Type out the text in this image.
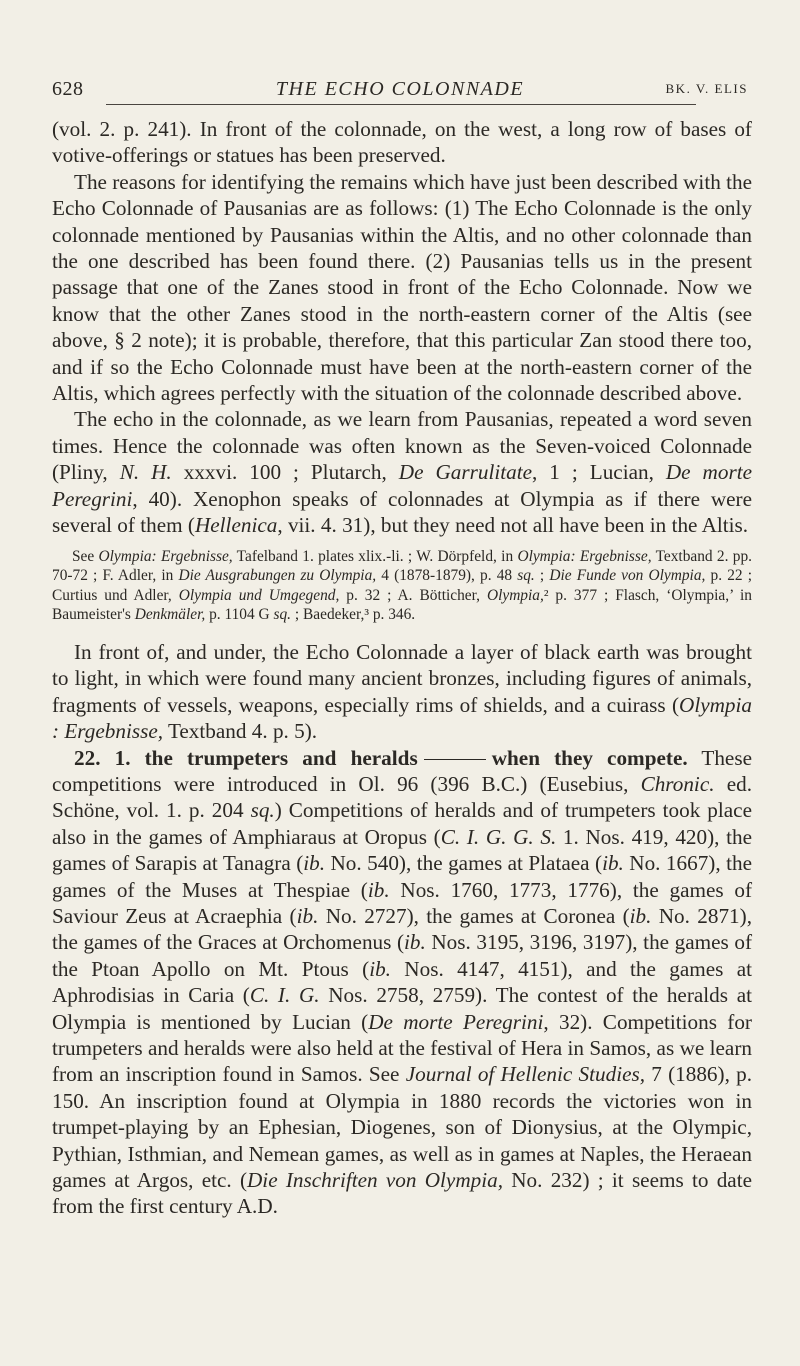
628	THE ECHO COLONNADE	BK. V. ELIS

(vol. 2. p. 241). In front of the colonnade, on the west, a long row of bases of votive-offerings or statues has been preserved.

The reasons for identifying the remains which have just been described with the Echo Colonnade of Pausanias are as follows: (1) The Echo Colonnade is the only colonnade mentioned by Pausanias within the Altis, and no other colonnade than the one described has been found there. (2) Pausanias tells us in the present passage that one of the Zanes stood in front of the Echo Colonnade. Now we know that the other Zanes stood in the north-eastern corner of the Altis (see above, § 2 note); it is probable, therefore, that this particular Zan stood there too, and if so the Echo Colonnade must have been at the north-eastern corner of the Altis, which agrees perfectly with the situation of the colonnade described above.

The echo in the colonnade, as we learn from Pausanias, repeated a word seven times. Hence the colonnade was often known as the Seven-voiced Colonnade (Pliny, N. H. xxxvi. 100 ; Plutarch, De Garrulitate, 1 ; Lucian, De morte Peregrini, 40). Xenophon speaks of colonnades at Olympia as if there were several of them (Hellenica, vii. 4. 31), but they need not all have been in the Altis.

See Olympia: Ergebnisse, Tafelband 1. plates xlix.-li. ; W. Dörpfeld, in Olympia: Ergebnisse, Textband 2. pp. 70-72 ; F. Adler, in Die Ausgrabungen zu Olympia, 4 (1878-1879), p. 48 sq. ; Die Funde von Olympia, p. 22 ; Curtius und Adler, Olympia und Umgegend, p. 32 ; A. Bötticher, Olympia,² p. 377 ; Flasch, ‘Olympia,’ in Baumeister's Denkmäler, p. 1104 G sq. ; Baedeker,³ p. 346.

In front of, and under, the Echo Colonnade a layer of black earth was brought to light, in which were found many ancient bronzes, including figures of animals, fragments of vessels, weapons, especially rims of shields, and a cuirass (Olympia : Ergebnisse, Textband 4. p. 5).

22. 1. the trumpeters and heralds	when they compete. These competitions were introduced in Ol. 96 (396 B.C.) (Eusebius, Chronic. ed. Schöne, vol. 1. p. 204 sq.) Competitions of heralds and of trumpeters took place also in the games of Amphiaraus at Oropus (C. I. G. G. S. 1. Nos. 419, 420), the games of Sarapis at Tanagra (ib. No. 540), the games at Plataea (ib. No. 1667), the games of the Muses at Thespiae (ib. Nos. 1760, 1773, 1776), the games of Saviour Zeus at Acraephia (ib. No. 2727), the games at Coronea (ib. No. 2871), the games of the Graces at Orchomenus (ib. Nos. 3195, 3196, 3197), the games of the Ptoan Apollo on Mt. Ptous (ib. Nos. 4147, 4151), and the games at Aphrodisias in Caria (C. I. G. Nos. 2758, 2759). The contest of the heralds at Olympia is mentioned by Lucian (De morte Peregrini, 32). Competitions for trumpeters and heralds were also held at the festival of Hera in Samos, as we learn from an inscription found in Samos. See Journal of Hellenic Studies, 7 (1886), p. 150. An inscription found at Olympia in 1880 records the victories won in trumpet-playing by an Ephesian, Diogenes, son of Dionysius, at the Olympic, Pythian, Isthmian, and Nemean games, as well as in games at Naples, the Heraean games at Argos, etc. (Die Inschriften von Olympia, No. 232) ; it seems to date from the first century A.D.
